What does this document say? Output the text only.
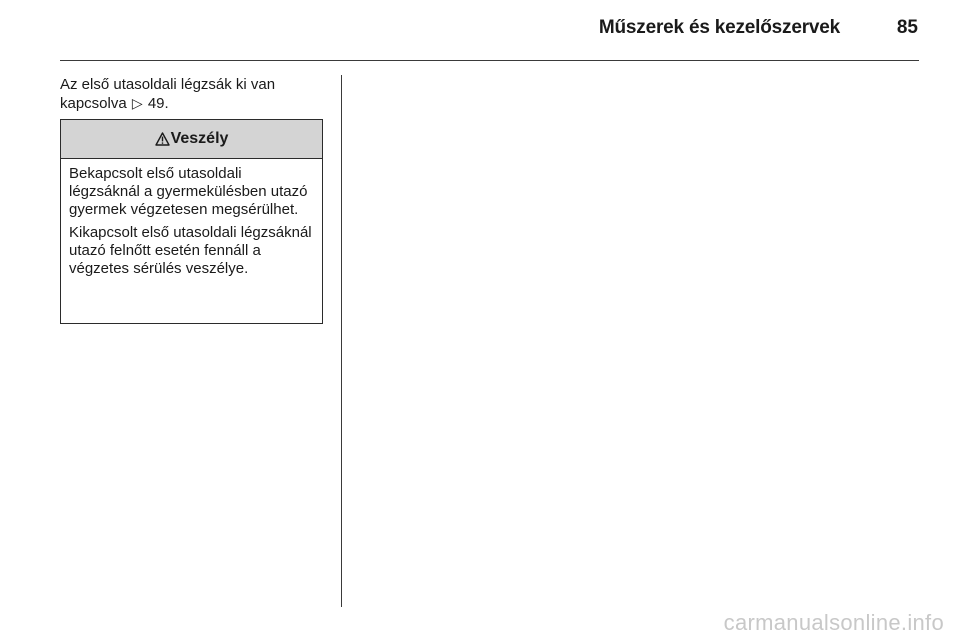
Műszerek és kezelőszervek	85
Az első utasoldali légzsák ki van kapcsolva ▷ 49.
Veszély

Bekapcsolt első utasoldali légzsáknál a gyermekülésben utazó gyermek végzetesen megsérülhet.

Kikapcsolt első utasoldali légzsáknál utazó felnőtt esetén fennáll a végzetes sérülés veszélye.

carmanualsonline.info
